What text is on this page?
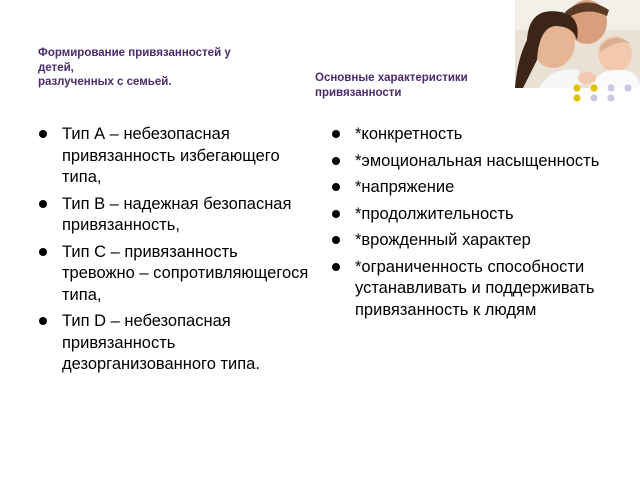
Формирование привязанностей у
детей,
разлученных с семьей.	Основные характеристики
привязанности
Тип А – небезопасная привязанность избегающего типа,
Тип В – надежная безопасная привязанность,
Тип С – привязанность тревожно – сопротивляющегося типа,
Тип D – небезопасная привязанность дезорганизованного типа.
*конкретность
*эмоциональная насыщенность
*напряжение
*продолжительность
*врожденный характер
*ограниченность способности устанавливать и поддерживать привязанность к людям
